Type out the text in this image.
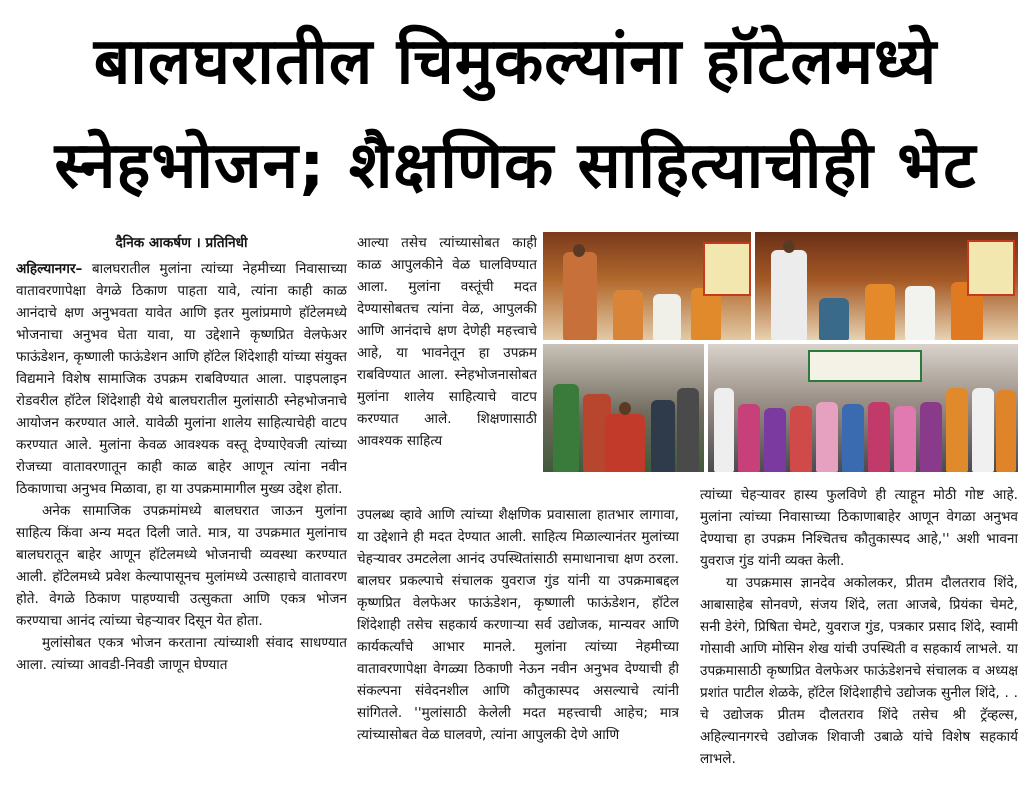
बालघरातील चिमुकल्यांना हॉटेलमध्ये
स्नेहभोजन; शैक्षणिक साहित्याचीही भेट

दैनिक आकर्षण । प्रतिनिधी

अहिल्यानगर– बालघरातील मुलांना त्यांच्या नेहमीच्या निवासाच्या वातावरणापेक्षा वेगळे ठिकाण पाहता यावे, त्यांना काही काळ आनंदाचे क्षण अनुभवता यावेत आणि इतर मुलांप्रमाणे हॉटेलमध्ये भोजनाचा अनुभव घेता यावा, या उद्देशाने कृष्णप्रित वेलफेअर फाऊंडेशन, कृष्णाली फाऊंडेशन आणि हॉटेल शिंदेशाही यांच्या संयुक्त विद्यमाने विशेष सामाजिक उपक्रम राबविण्यात आला. पाइपलाइन रोडवरील हॉटेल शिंदेशाही येथे बालघरातील मुलांसाठी स्नेहभोजनाचे आयोजन करण्यात आले. यावेळी मुलांना शालेय साहित्याचेही वाटप करण्यात आले. मुलांना केवळ आवश्यक वस्तू देण्याऐवजी त्यांच्या रोजच्या वातावरणातून काही काळ बाहेर आणून त्यांना नवीन ठिकाणाचा अनुभव मिळावा, हा या उपक्रमामागील मुख्य उद्देश होता.

अनेक सामाजिक उपक्रमांमध्ये बालघरात जाऊन मुलांना साहित्य किंवा अन्य मदत दिली जाते. मात्र, या उपक्रमात मुलांनाच बालघरातून बाहेर आणून हॉटेलमध्ये भोजनाची व्यवस्था करण्यात आली. हॉटेलमध्ये प्रवेश केल्यापासूनच मुलांमध्ये उत्साहाचे वातावरण होते. वेगळे ठिकाण पाहण्याची उत्सुकता आणि एकत्र भोजन करण्याचा आनंद त्यांच्या चेहऱ्यावर दिसून येत होता.

मुलांसोबत एकत्र भोजन करताना त्यांच्याशी संवाद साधण्यात आला. त्यांच्या आवडी-निवडी जाणून घेण्यात

आल्या तसेच त्यांच्यासोबत काही काळ आपुलकीने वेळ घालविण्यात आला. मुलांना वस्तूंची मदत देण्यासोबतच त्यांना वेळ, आपुलकी आणि आनंदाचे क्षण देणेही महत्त्वाचे आहे, या भावनेतून हा उपक्रम राबविण्यात आला. स्नेहभोजनासोबत मुलांना शालेय साहित्याचे वाटप करण्यात आले. शिक्षणासाठी आवश्यक साहित्य

उपलब्ध व्हावे आणि त्यांच्या शैक्षणिक प्रवासाला हातभार लागावा, या उद्देशाने ही मदत देण्यात आली. साहित्य मिळाल्यानंतर मुलांच्या चेहऱ्यावर उमटलेला आनंद उपस्थितांसाठी समाधानाचा क्षण ठरला. बालघर प्रकल्पाचे संचालक युवराज गुंड यांनी या उपक्रमाबद्दल कृष्णप्रित वेलफेअर फाऊंडेशन, कृष्णाली फाऊंडेशन, हॉटेल शिंदेशाही तसेच सहकार्य करणाऱ्या सर्व उद्योजक, मान्यवर आणि कार्यकर्त्यांचे आभार मानले. मुलांना त्यांच्या नेहमीच्या वातावरणापेक्षा वेगळ्या ठिकाणी नेऊन नवीन अनुभव देण्याची ही संकल्पना संवेदनशील आणि कौतुकास्पद असल्याचे त्यांनी सांगितले. ''मुलांसाठी केलेली मदत महत्त्वाची आहेच; मात्र त्यांच्यासोबत वेळ घालवणे, त्यांना आपुलकी देणे आणि

त्यांच्या चेहऱ्यावर हास्य फुलविणे ही त्याहून मोठी गोष्ट आहे. मुलांना त्यांच्या निवासाच्या ठिकाणाबाहेर आणून वेगळा अनुभव देण्याचा हा उपक्रम निश्चितच कौतुकास्पद आहे,'' अशी भावना युवराज गुंड यांनी व्यक्त केली.

या उपक्रमास ज्ञानदेव अकोलकर, प्रीतम दौलतराव शिंदे, आबासाहेब सोनवणे, संजय शिंदे, लता आजबे, प्रियंका चेमटे, सनी डेरंगे, प्रिषिता चेमटे, युवराज गुंड, पत्रकार प्रसाद शिंदे, स्वामी गोसावी आणि मोसिन शेख यांची उपस्थिती व सहकार्य लाभले. या उपक्रमासाठी कृष्णप्रित वेलफेअर फाऊंडेशनचे संचालक व अध्यक्ष प्रशांत पाटील शेळके, हॉटेल शिंदेशाहीचे उद्योजक सुनील शिंदे, . . चे उद्योजक प्रीतम दौलतराव शिंदे तसेच श्री ट्रॅव्हल्स, अहिल्यानगरचे उद्योजक शिवाजी उबाळे यांचे विशेष सहकार्य लाभले.
